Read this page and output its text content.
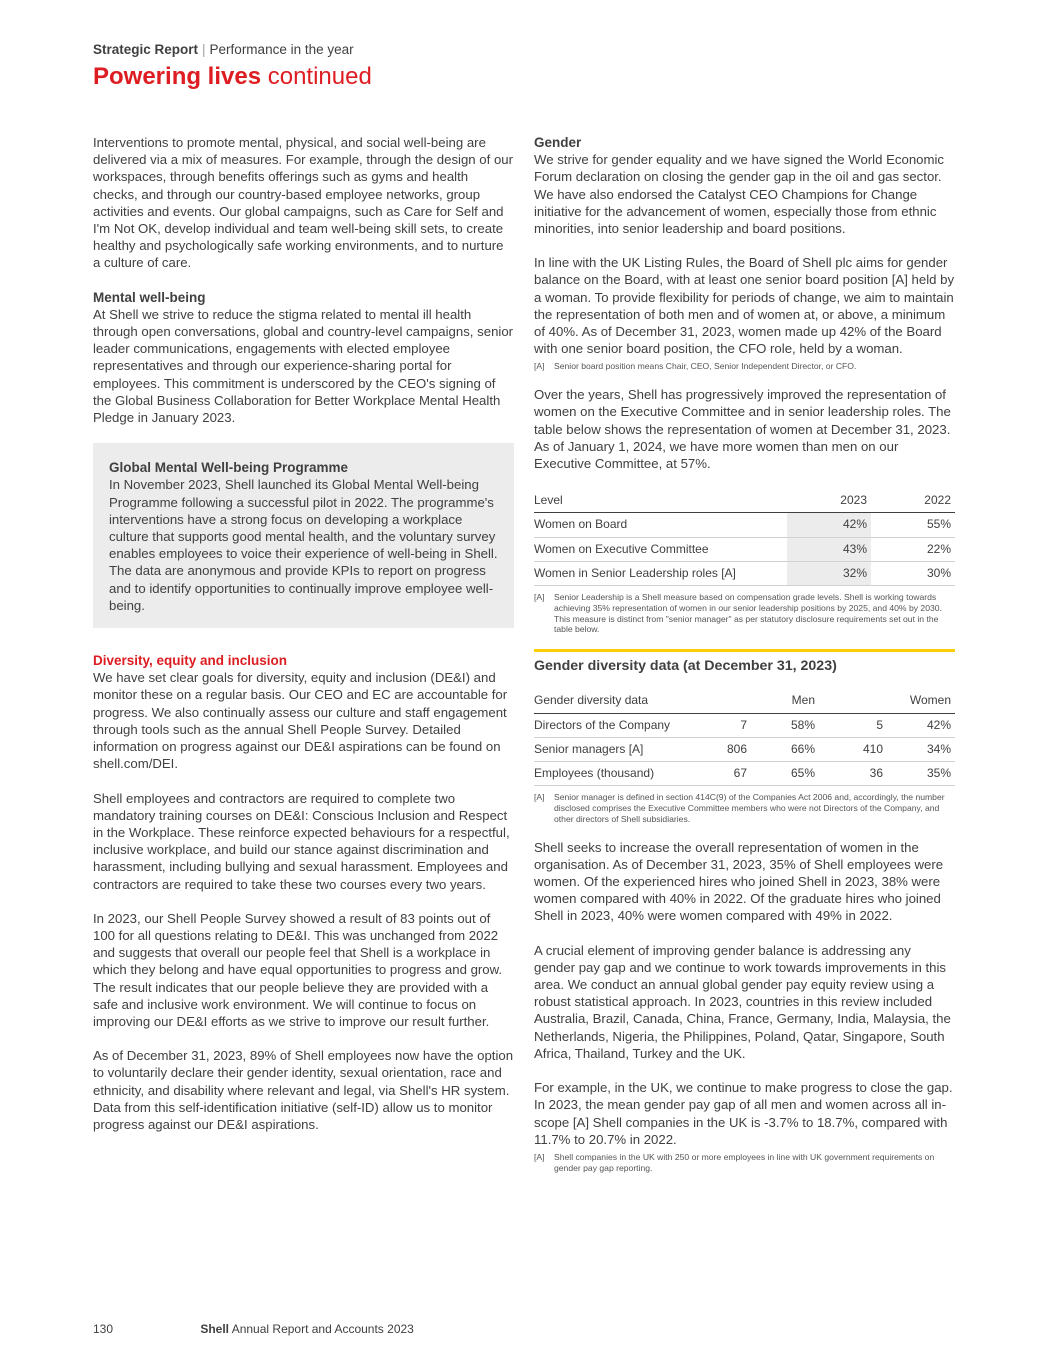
Strategic Report | Performance in the year
Powering lives continued

Interventions to promote mental, physical, and social well-being are delivered via a mix of measures. For example, through the design of our workspaces, through benefits offerings such as gyms and health checks, and through our country-based employee networks, group activities and events. Our global campaigns, such as Care for Self and I'm Not OK, develop individual and team well-being skill sets, to create healthy and psychologically safe working environments, and to nurture a culture of care.

Mental well-being

At Shell we strive to reduce the stigma related to mental ill health through open conversations, global and country-level campaigns, senior leader communications, engagements with elected employee representatives and through our experience-sharing portal for employees. This commitment is underscored by the CEO's signing of the Global Business Collaboration for Better Workplace Mental Health Pledge in January 2023.

Global Mental Well-being Programme

In November 2023, Shell launched its Global Mental Well-being Programme following a successful pilot in 2022. The programme's interventions have a strong focus on developing a workplace culture that supports good mental health, and the voluntary survey enables employees to voice their experience of well-being in Shell. The data are anonymous and provide KPIs to report on progress and to identify opportunities to continually improve employee well-being.

Diversity, equity and inclusion

We have set clear goals for diversity, equity and inclusion (DE&I) and monitor these on a regular basis. Our CEO and EC are accountable for progress. We also continually assess our culture and staff engagement through tools such as the annual Shell People Survey. Detailed information on progress against our DE&I aspirations can be found on shell.com/DEI.

Shell employees and contractors are required to complete two mandatory training courses on DE&I: Conscious Inclusion and Respect in the Workplace. These reinforce expected behaviours for a respectful, inclusive workplace, and build our stance against discrimination and harassment, including bullying and sexual harassment. Employees and contractors are required to take these two courses every two years.

In 2023, our Shell People Survey showed a result of 83 points out of 100 for all questions relating to DE&I. This was unchanged from 2022 and suggests that overall our people feel that Shell is a workplace in which they belong and have equal opportunities to progress and grow. The result indicates that our people believe they are provided with a safe and inclusive work environment. We will continue to focus on improving our DE&I efforts as we strive to improve our result further.

As of December 31, 2023, 89% of Shell employees now have the option to voluntarily declare their gender identity, sexual orientation, race and ethnicity, and disability where relevant and legal, via Shell's HR system. Data from this self-identification initiative (self-ID) allow us to monitor progress against our DE&I aspirations.

Gender

We strive for gender equality and we have signed the World Economic Forum declaration on closing the gender gap in the oil and gas sector. We have also endorsed the Catalyst CEO Champions for Change initiative for the advancement of women, especially those from ethnic minorities, into senior leadership and board positions.

In line with the UK Listing Rules, the Board of Shell plc aims for gender balance on the Board, with at least one senior board position [A] held by a woman. To provide flexibility for periods of change, we aim to maintain the representation of both men and of women at, or above, a minimum of 40%. As of December 31, 2023, women made up 42% of the Board with one senior board position, the CFO role, held by a woman.

[A]	Senior board position means Chair, CEO, Senior Independent Director, or CFO.

Over the years, Shell has progressively improved the representation of women on the Executive Committee and in senior leadership roles. The table below shows the representation of women at December 31, 2023. As of January 1, 2024, we have more women than men on our Executive Committee, at 57%.

Level	2023	2022
Women on Board	42%	55%
Women on Executive Committee	43%	22%
Women in Senior Leadership roles [A]	32%	30%
[A]	Senior Leadership is a Shell measure based on compensation grade levels. Shell is working towards achieving 35% representation of women in our senior leadership positions by 2025, and 40% by 2030. This measure is distinct from "senior manager" as per statutory disclosure requirements set out in the table below.
Gender diversity data (at December 31, 2023)
Gender diversity data	Men		Women	
Directors of the Company	7	58%	5	42%
Senior managers [A]	806	66%	410	34%
Employees (thousand)	67	65%	36	35%
[A]	Senior manager is defined in section 414C(9) of the Companies Act 2006 and, accordingly, the number disclosed comprises the Executive Committee members who were not Directors of the Company, and other directors of Shell subsidiaries.

Shell seeks to increase the overall representation of women in the organisation. As of December 31, 2023, 35% of Shell employees were women. Of the experienced hires who joined Shell in 2023, 38% were women compared with 40% in 2022. Of the graduate hires who joined Shell in 2023, 40% were women compared with 49% in 2022.

A crucial element of improving gender balance is addressing any gender pay gap and we continue to work towards improvements in this area. We conduct an annual global gender pay equity review using a robust statistical approach. In 2023, countries in this review included Australia, Brazil, Canada, China, France, Germany, India, Malaysia, the Netherlands, Nigeria, the Philippines, Poland, Qatar, Singapore, South Africa, Thailand, Turkey and the UK.

For example, in the UK, we continue to make progress to close the gap. In 2023, the mean gender pay gap of all men and women across all in-scope [A] Shell companies in the UK is -3.7% to 18.7%, compared with 11.7% to 20.7% in 2022.

[A]	Shell companies in the UK with 250 or more employees in line with UK government requirements on gender pay gap reporting.
130	Shell Annual Report and Accounts 2023
